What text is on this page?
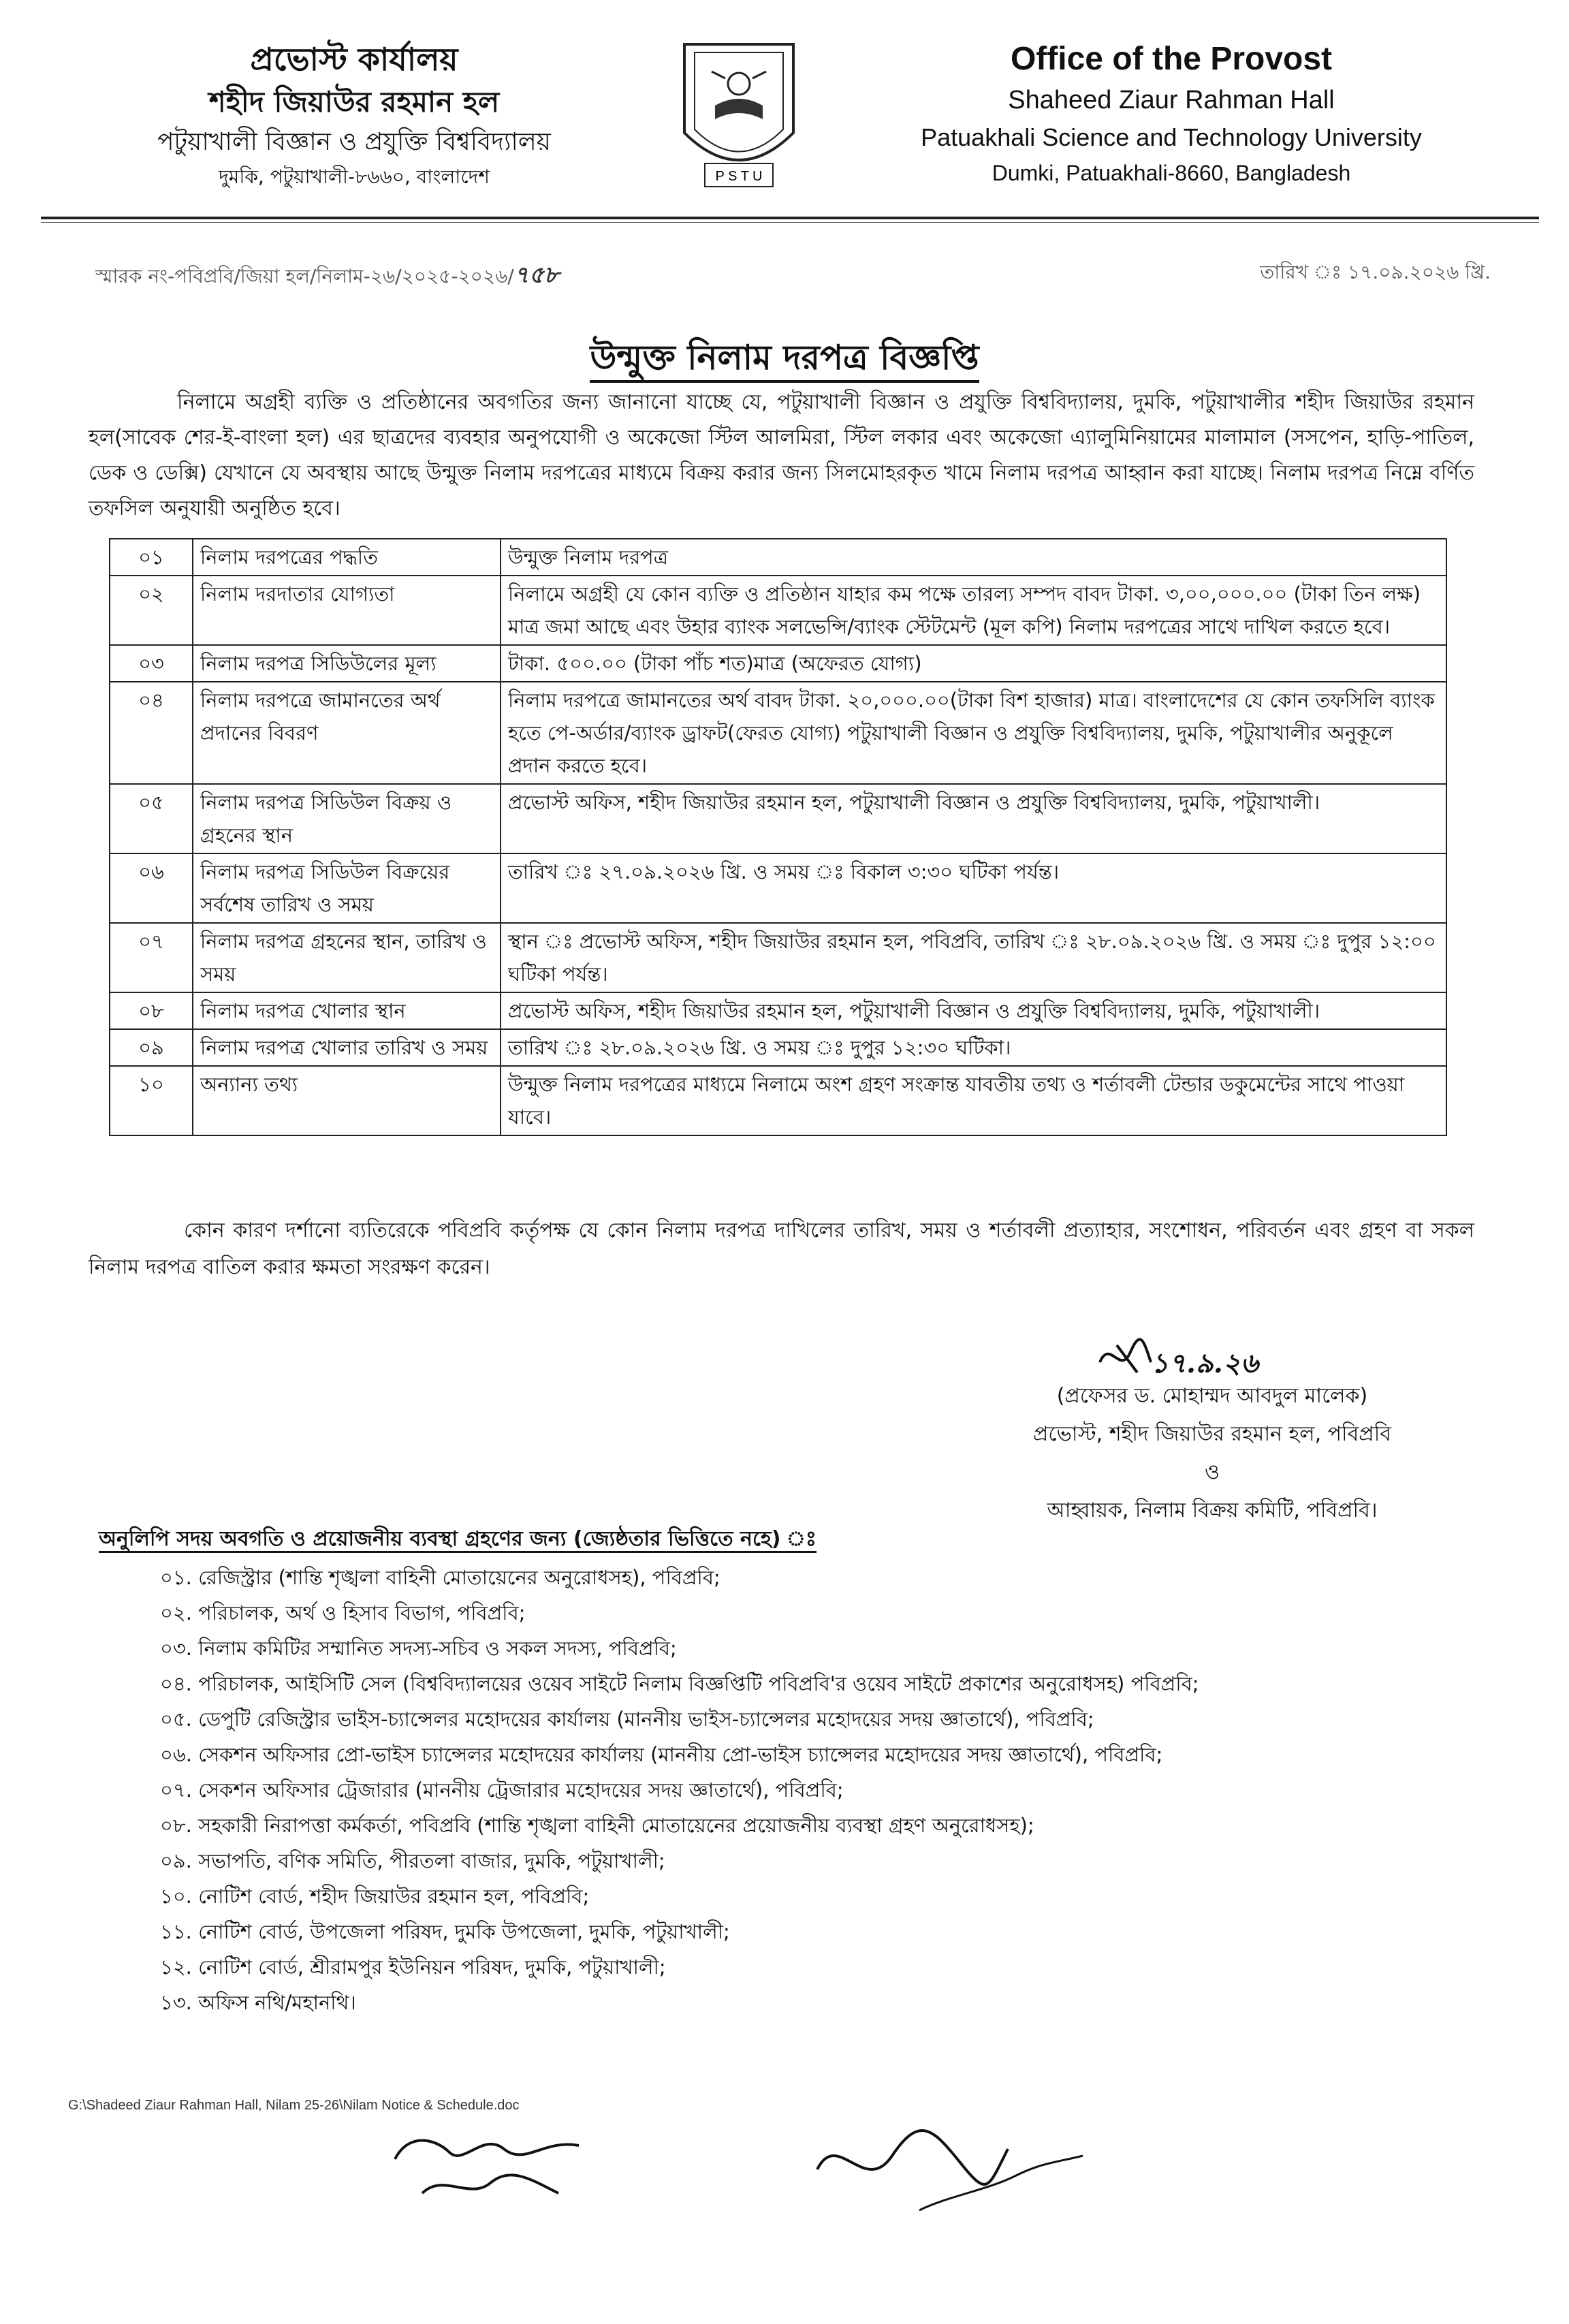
প্রভোস্ট কার্যালয়
শহীদ জিয়াউর রহমান হল
পটুয়াখালী বিজ্ঞান ও প্রযুক্তি বিশ্ববিদ্যালয়
দুমকি, পটুয়াখালী-৮৬৬০, বাংলাদেশ	P S T U
Office of the Provost
Shaheed Ziaur Rahman Hall
Patuakhali Science and Technology University
Dumki, Patuakhali-8660, Bangladesh
স্মারক নং-পবিপ্রবি/জিয়া হল/নিলাম-২৬/২০২৫-২০২৬/৭৫৮	তারিখ ঃ ১৭.০৯.২০২৬ খ্রি.
উন্মুক্ত নিলাম দরপত্র বিজ্ঞপ্তি
নিলামে অগ্রহী ব্যক্তি ও প্রতিষ্ঠানের অবগতির জন্য জানানো যাচ্ছে যে, পটুয়াখালী বিজ্ঞান ও প্রযুক্তি বিশ্ববিদ্যালয়, দুমকি, পটুয়াখালীর শহীদ জিয়াউর রহমান হল(সাবেক শের-ই-বাংলা হল) এর ছাত্রদের ব্যবহার অনুপযোগী ও অকেজো স্টিল আলমিরা, স্টিল লকার এবং অকেজো এ্যালুমিনিয়ামের মালামাল (সসপেন, হাড়ি-পাতিল, ডেক ও ডেক্সি) যেখানে যে অবস্থায় আছে উন্মুক্ত নিলাম দরপত্রের মাধ্যমে বিক্রয় করার জন্য সিলমোহরকৃত খামে নিলাম দরপত্র আহ্বান করা যাচ্ছে। নিলাম দরপত্র নিম্নে বর্ণিত তফসিল অনুযায়ী অনুষ্ঠিত হবে।
০১	নিলাম দরপত্রের পদ্ধতি	উন্মুক্ত নিলাম দরপত্র
০২	নিলাম দরদাতার যোগ্যতা	নিলামে অগ্রহী যে কোন ব্যক্তি ও প্রতিষ্ঠান যাহার কম পক্ষে তারল্য সম্পদ বাবদ টাকা. ৩,০০,০০০.০০ (টাকা তিন লক্ষ) মাত্র জমা আছে এবং উহার ব্যাংক সলভেন্সি/ব্যাংক স্টেটমেন্ট (মূল কপি) নিলাম দরপত্রের সাথে দাখিল করতে হবে।
০৩	নিলাম দরপত্র সিডিউলের মূল্য	টাকা. ৫০০.০০ (টাকা পাঁচ শত)মাত্র (অফেরত যোগ্য)
০৪	নিলাম দরপত্রে জামানতের অর্থ প্রদানের বিবরণ	নিলাম দরপত্রে জামানতের অর্থ বাবদ টাকা. ২০,০০০.০০(টাকা বিশ হাজার) মাত্র। বাংলাদেশের যে কোন তফসিলি ব্যাংক হতে পে-অর্ডার/ব্যাংক ড্রাফট(ফেরত যোগ্য) পটুয়াখালী বিজ্ঞান ও প্রযুক্তি বিশ্ববিদ্যালয়, দুমকি, পটুয়াখালীর অনুকূলে প্রদান করতে হবে।
০৫	নিলাম দরপত্র সিডিউল বিক্রয় ও গ্রহনের স্থান	প্রভোস্ট অফিস, শহীদ জিয়াউর রহমান হল, পটুয়াখালী বিজ্ঞান ও প্রযুক্তি বিশ্ববিদ্যালয়, দুমকি, পটুয়াখালী।
০৬	নিলাম দরপত্র সিডিউল বিক্রয়ের সর্বশেষ তারিখ ও সময়	তারিখ ঃ ২৭.০৯.২০২৬ খ্রি. ও সময় ঃ বিকাল ৩:৩০ ঘটিকা পর্যন্ত।
০৭	নিলাম দরপত্র গ্রহনের স্থান, তারিখ ও সময়	স্থান ঃ প্রভোস্ট অফিস, শহীদ জিয়াউর রহমান হল, পবিপ্রবি, তারিখ ঃ ২৮.০৯.২০২৬ খ্রি. ও সময় ঃ দুপুর ১২:০০ ঘটিকা পর্যন্ত।
০৮	নিলাম দরপত্র খোলার স্থান	প্রভোস্ট অফিস, শহীদ জিয়াউর রহমান হল, পটুয়াখালী বিজ্ঞান ও প্রযুক্তি বিশ্ববিদ্যালয়, দুমকি, পটুয়াখালী।
০৯	নিলাম দরপত্র খোলার তারিখ ও সময়	তারিখ ঃ ২৮.০৯.২০২৬ খ্রি. ও সময় ঃ দুপুর ১২:৩০ ঘটিকা।
১০	অন্যান্য তথ্য	উন্মুক্ত নিলাম দরপত্রের মাধ্যমে নিলামে অংশ গ্রহণ সংক্রান্ত যাবতীয় তথ্য ও শর্তাবলী টেন্ডার ডকুমেন্টের সাথে পাওয়া যাবে।
কোন কারণ দর্শানো ব্যতিরেকে পবিপ্রবি কর্তৃপক্ষ যে কোন নিলাম দরপত্র দাখিলের তারিখ, সময় ও শর্তাবলী প্রত্যাহার, সংশোধন, পরিবর্তন এবং গ্রহণ বা সকল নিলাম দরপত্র বাতিল করার ক্ষমতা সংরক্ষণ করেন।
১৭.৯.২৬
(প্রফেসর ড. মোহাম্মদ আবদুল মালেক)
প্রভোস্ট, শহীদ জিয়াউর রহমান হল, পবিপ্রবি
ও
আহ্বায়ক, নিলাম বিক্রয় কমিটি, পবিপ্রবি।
অনুলিপি সদয় অবগতি ও প্রয়োজনীয় ব্যবস্থা গ্রহণের জন্য (জ্যেষ্ঠতার ভিত্তিতে নহে) ঃ
০১. রেজিস্ট্রার (শান্তি শৃঙ্খলা বাহিনী মোতায়েনের অনুরোধসহ), পবিপ্রবি;
০২. পরিচালক, অর্থ ও হিসাব বিভাগ, পবিপ্রবি;
০৩. নিলাম কমিটির সম্মানিত সদস্য-সচিব ও সকল সদস্য, পবিপ্রবি;
০৪. পরিচালক, আইসিটি সেল (বিশ্ববিদ্যালয়ের ওয়েব সাইটে নিলাম বিজ্ঞপ্তিটি পবিপ্রবি'র ওয়েব সাইটে প্রকাশের অনুরোধসহ) পবিপ্রবি;
০৫. ডেপুটি রেজিস্ট্রার ভাইস-চ্যান্সেলর মহোদয়ের কার্যালয় (মাননীয় ভাইস-চ্যান্সেলর মহোদয়ের সদয় জ্ঞাতার্থে), পবিপ্রবি;
০৬. সেকশন অফিসার প্রো-ভাইস চ্যান্সেলর মহোদয়ের কার্যালয় (মাননীয় প্রো-ভাইস চ্যান্সেলর মহোদয়ের সদয় জ্ঞাতার্থে), পবিপ্রবি;
০৭. সেকশন অফিসার ট্রেজারার (মাননীয় ট্রেজারার মহোদয়ের সদয় জ্ঞাতার্থে), পবিপ্রবি;
০৮. সহকারী নিরাপত্তা কর্মকর্তা, পবিপ্রবি (শান্তি শৃঙ্খলা বাহিনী মোতায়েনের প্রয়োজনীয় ব্যবস্থা গ্রহণ অনুরোধসহ);
০৯. সভাপতি, বণিক সমিতি, পীরতলা বাজার, দুমকি, পটুয়াখালী;
১০. নোটিশ বোর্ড, শহীদ জিয়াউর রহমান হল, পবিপ্রবি;
১১. নোটিশ বোর্ড, উপজেলা পরিষদ, দুমকি উপজেলা, দুমকি, পটুয়াখালী;
১২. নোটিশ বোর্ড, শ্রীরামপুর ইউনিয়ন পরিষদ, দুমকি, পটুয়াখালী;
১৩. অফিস নথি/মহানথি।
G:\Shadeed Ziaur Rahman Hall, Nilam 25-26\Nilam Notice & Schedule.doc
